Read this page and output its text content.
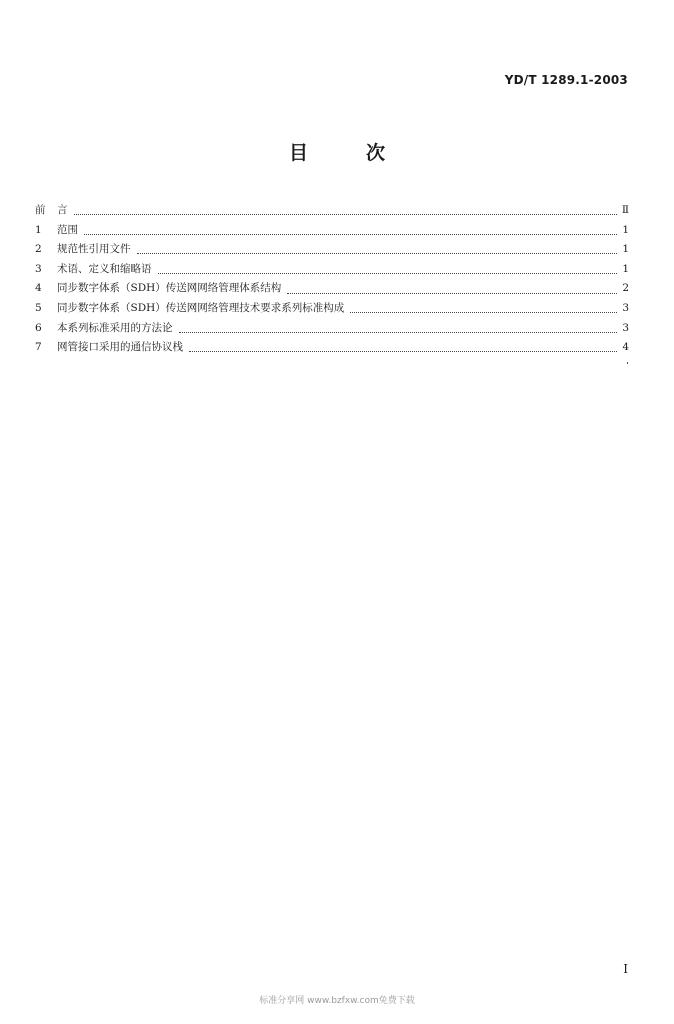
YD/T 1289.1-2003
目	次
前	言	Ⅱ
1	范围	1
2	规范性引用文件	1
3	术语、定义和缩略语	1
4	同步数字体系（SDH）传送网网络管理体系结构	2
5	同步数字体系（SDH）传送网网络管理技术要求系列标准构成	3
6	本系列标准采用的方法论	3
7	网管接口采用的通信协议栈	4
I
标准分享网 www.bzfxw.com免费下载
